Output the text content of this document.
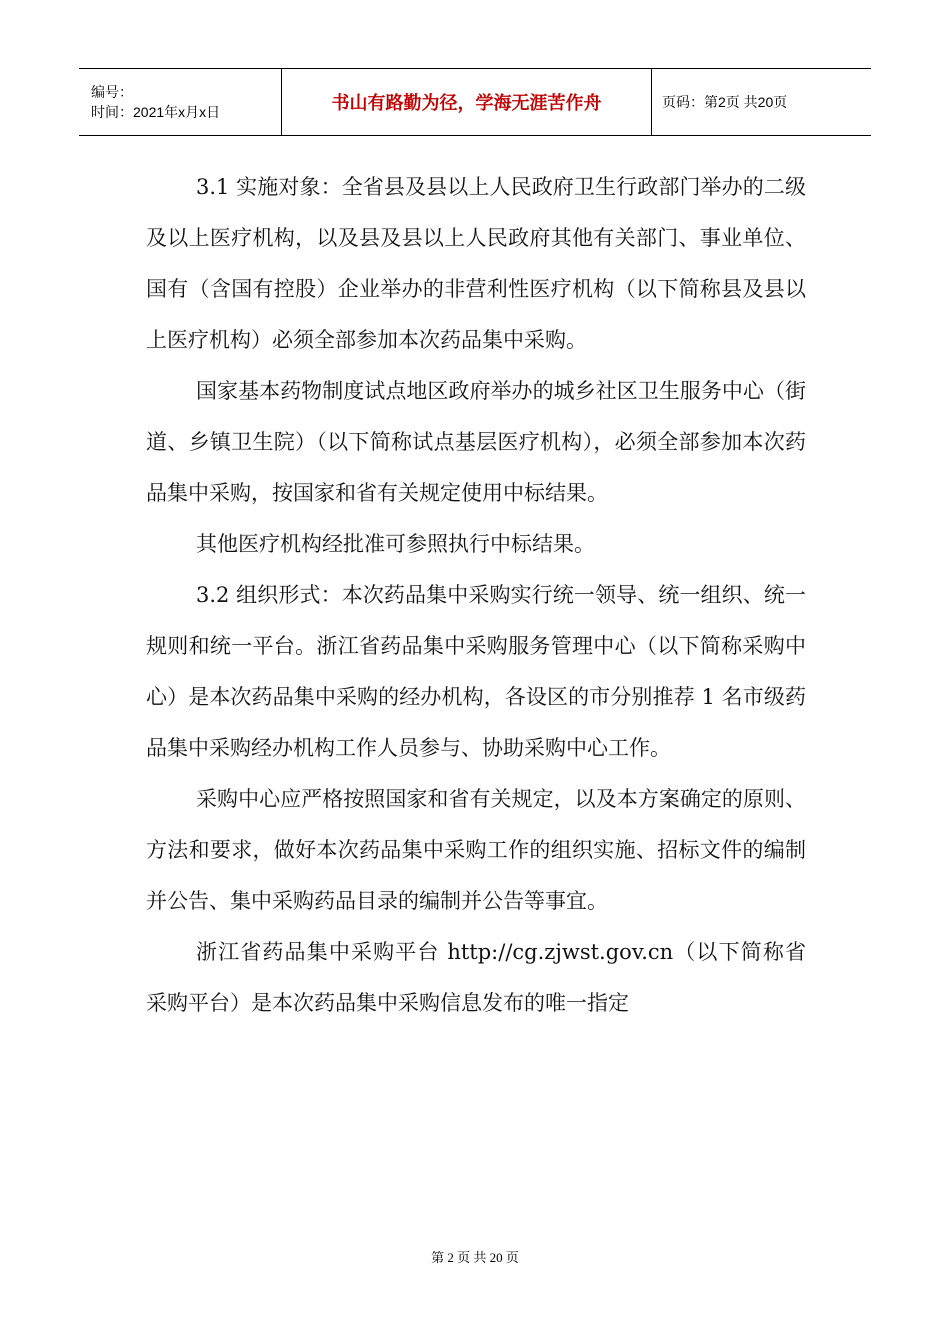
编号：
时间：2021年x月x日	书山有路勤为径，学海无涯苦作舟	页码：第2页 共20页

3.1 实施对象：全省县及县以上人民政府卫生行政部门举办的二级及以上医疗机构，以及县及县以上人民政府其他有关部门、事业单位、国有（含国有控股）企业举办的非营利性医疗机构（以下简称县及县以上医疗机构）必须全部参加本次药品集中采购。

国家基本药物制度试点地区政府举办的城乡社区卫生服务中心（街道、乡镇卫生院）（以下简称试点基层医疗机构），必须全部参加本次药品集中采购，按国家和省有关规定使用中标结果。

其他医疗机构经批准可参照执行中标结果。

3.2 组织形式：本次药品集中采购实行统一领导、统一组织、统一规则和统一平台。浙江省药品集中采购服务管理中心（以下简称采购中心）是本次药品集中采购的经办机构，各设区的市分别推荐 1 名市级药品集中采购经办机构工作人员参与、协助采购中心工作。

采购中心应严格按照国家和省有关规定，以及本方案确定的原则、方法和要求，做好本次药品集中采购工作的组织实施、招标文件的编制并公告、集中采购药品目录的编制并公告等事宜。

浙江省药品集中采购平台 http://cg.zjwst.gov.cn（以下简称省采购平台）是本次药品集中采购信息发布的唯一指定

第 2 页 共 20 页
